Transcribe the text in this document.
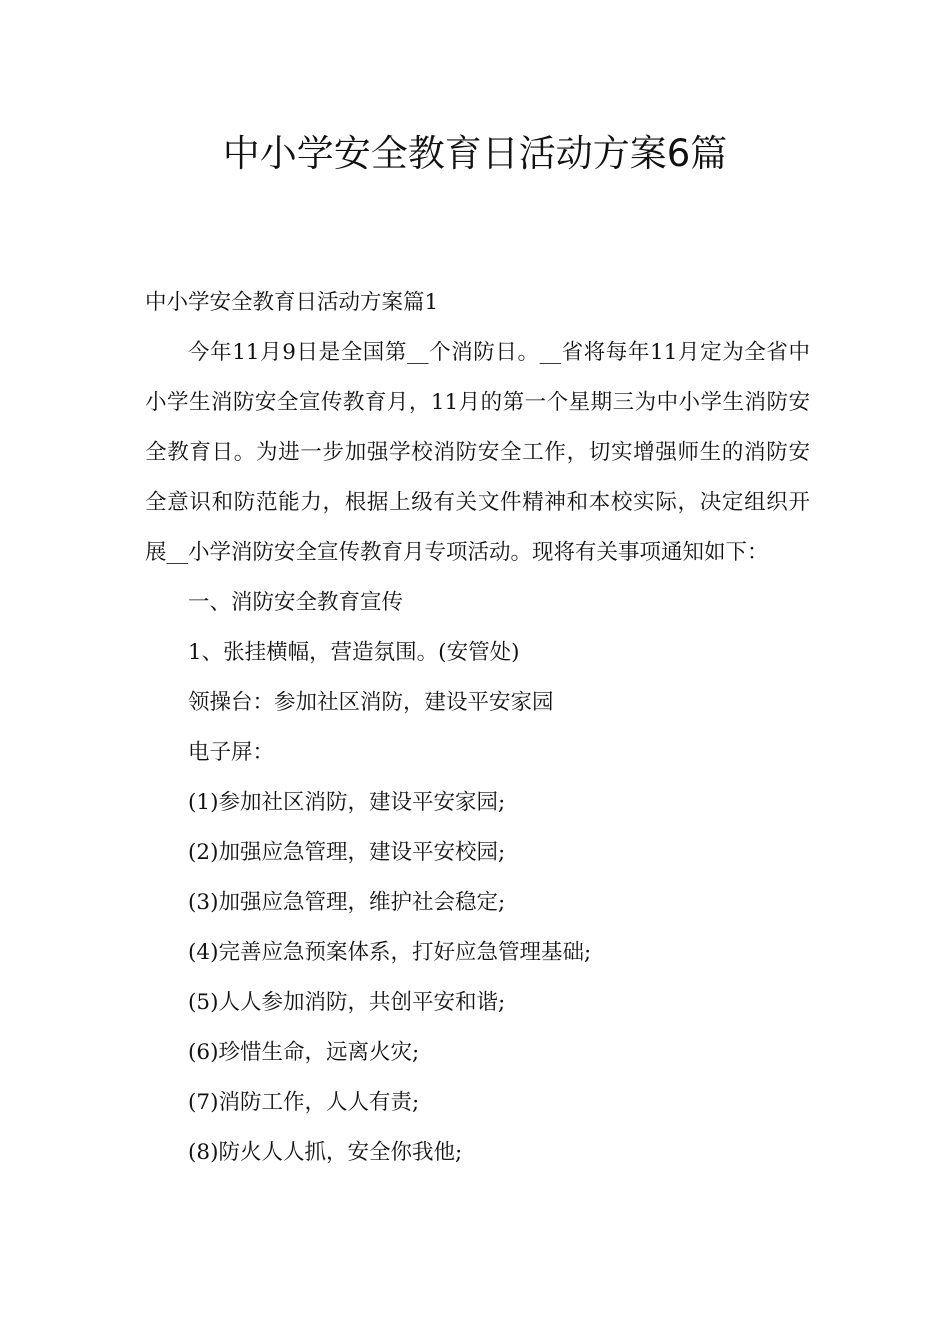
中小学安全教育日活动方案6篇

中小学安全教育日活动方案篇1

今年11月9日是全国第__个消防日。__省将每年11月定为全省中小学生消防安全宣传教育月，11月的第一个星期三为中小学生消防安全教育日。为进一步加强学校消防安全工作，切实增强师生的消防安全意识和防范能力，根据上级有关文件精神和本校实际，决定组织开展__小学消防安全宣传教育月专项活动。现将有关事项通知如下：

一、消防安全教育宣传

1、张挂横幅，营造氛围。(安管处)

领操台：参加社区消防，建设平安家园

电子屏：

(1)参加社区消防，建设平安家园;

(2)加强应急管理，建设平安校园;

(3)加强应急管理，维护社会稳定;

(4)完善应急预案体系，打好应急管理基础;

(5)人人参加消防，共创平安和谐;

(6)珍惜生命，远离火灾;

(7)消防工作，人人有责;

(8)防火人人抓，安全你我他;
